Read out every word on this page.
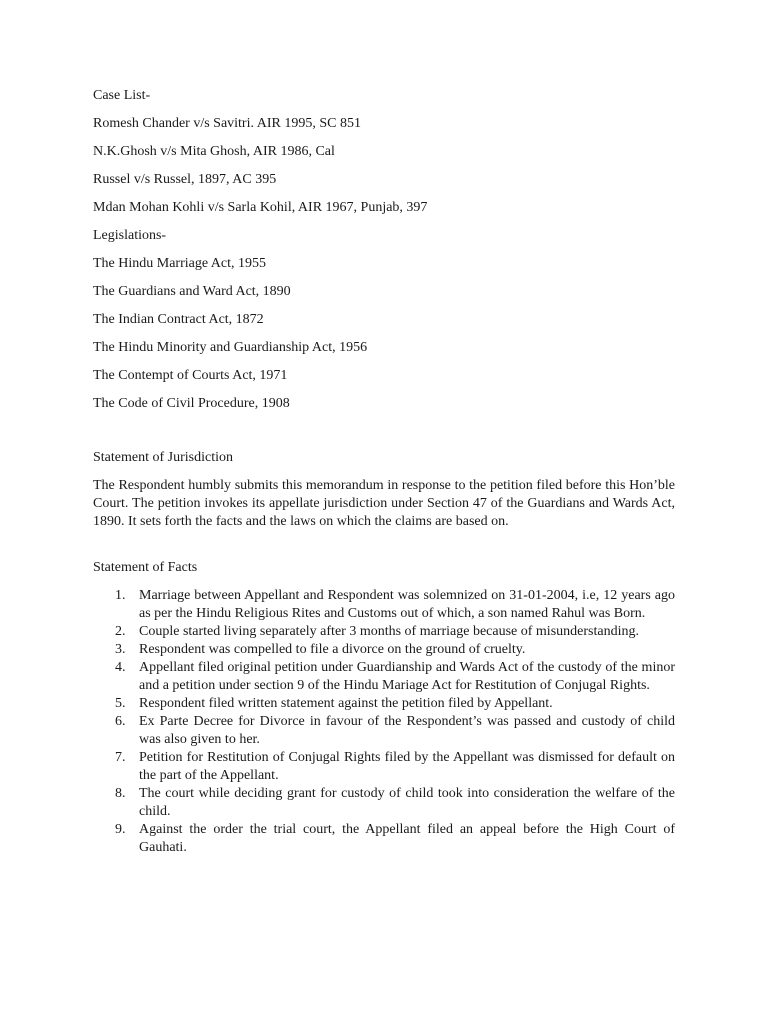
Case List-

Romesh Chander v/s Savitri. AIR 1995, SC 851

N.K.Ghosh v/s Mita Ghosh, AIR 1986, Cal

Russel v/s Russel, 1897, AC 395

Mdan Mohan Kohli v/s Sarla Kohil, AIR 1967, Punjab, 397

Legislations-

The Hindu Marriage Act, 1955

The Guardians and Ward Act, 1890

The Indian Contract Act, 1872

The Hindu Minority and Guardianship Act, 1956

The Contempt of Courts Act, 1971

The Code of Civil Procedure, 1908

Statement of Jurisdiction

The Respondent humbly submits this memorandum in response to the petition filed before this Hon’ble Court. The petition invokes its appellate jurisdiction under Section 47 of the Guardians and Wards Act, 1890. It sets forth the facts and the laws on which the claims are based on.

Statement of Facts

1. Marriage between Appellant and Respondent was solemnized on 31-01-2004, i.e, 12 years ago as per the Hindu Religious Rites and Customs out of which, a son named Rahul was Born.
2. Couple started living separately after 3 months of marriage because of misunderstanding.
3. Respondent was compelled to file a divorce on the ground of cruelty.
4. Appellant filed original petition under Guardianship and Wards Act of the custody of the minor and a petition under section 9 of the Hindu Mariage Act for Restitution of Conjugal Rights.
5. Respondent filed written statement against the petition filed by Appellant.
6. Ex Parte Decree for Divorce in favour of the Respondent’s was passed and custody of child was also given to her.
7. Petition for Restitution of Conjugal Rights filed by the Appellant was dismissed for default on the part of the Appellant.
8. The court while deciding grant for custody of child took into consideration the welfare of the child.
9. Against the order the trial court, the Appellant filed an appeal before the High Court of Gauhati.
